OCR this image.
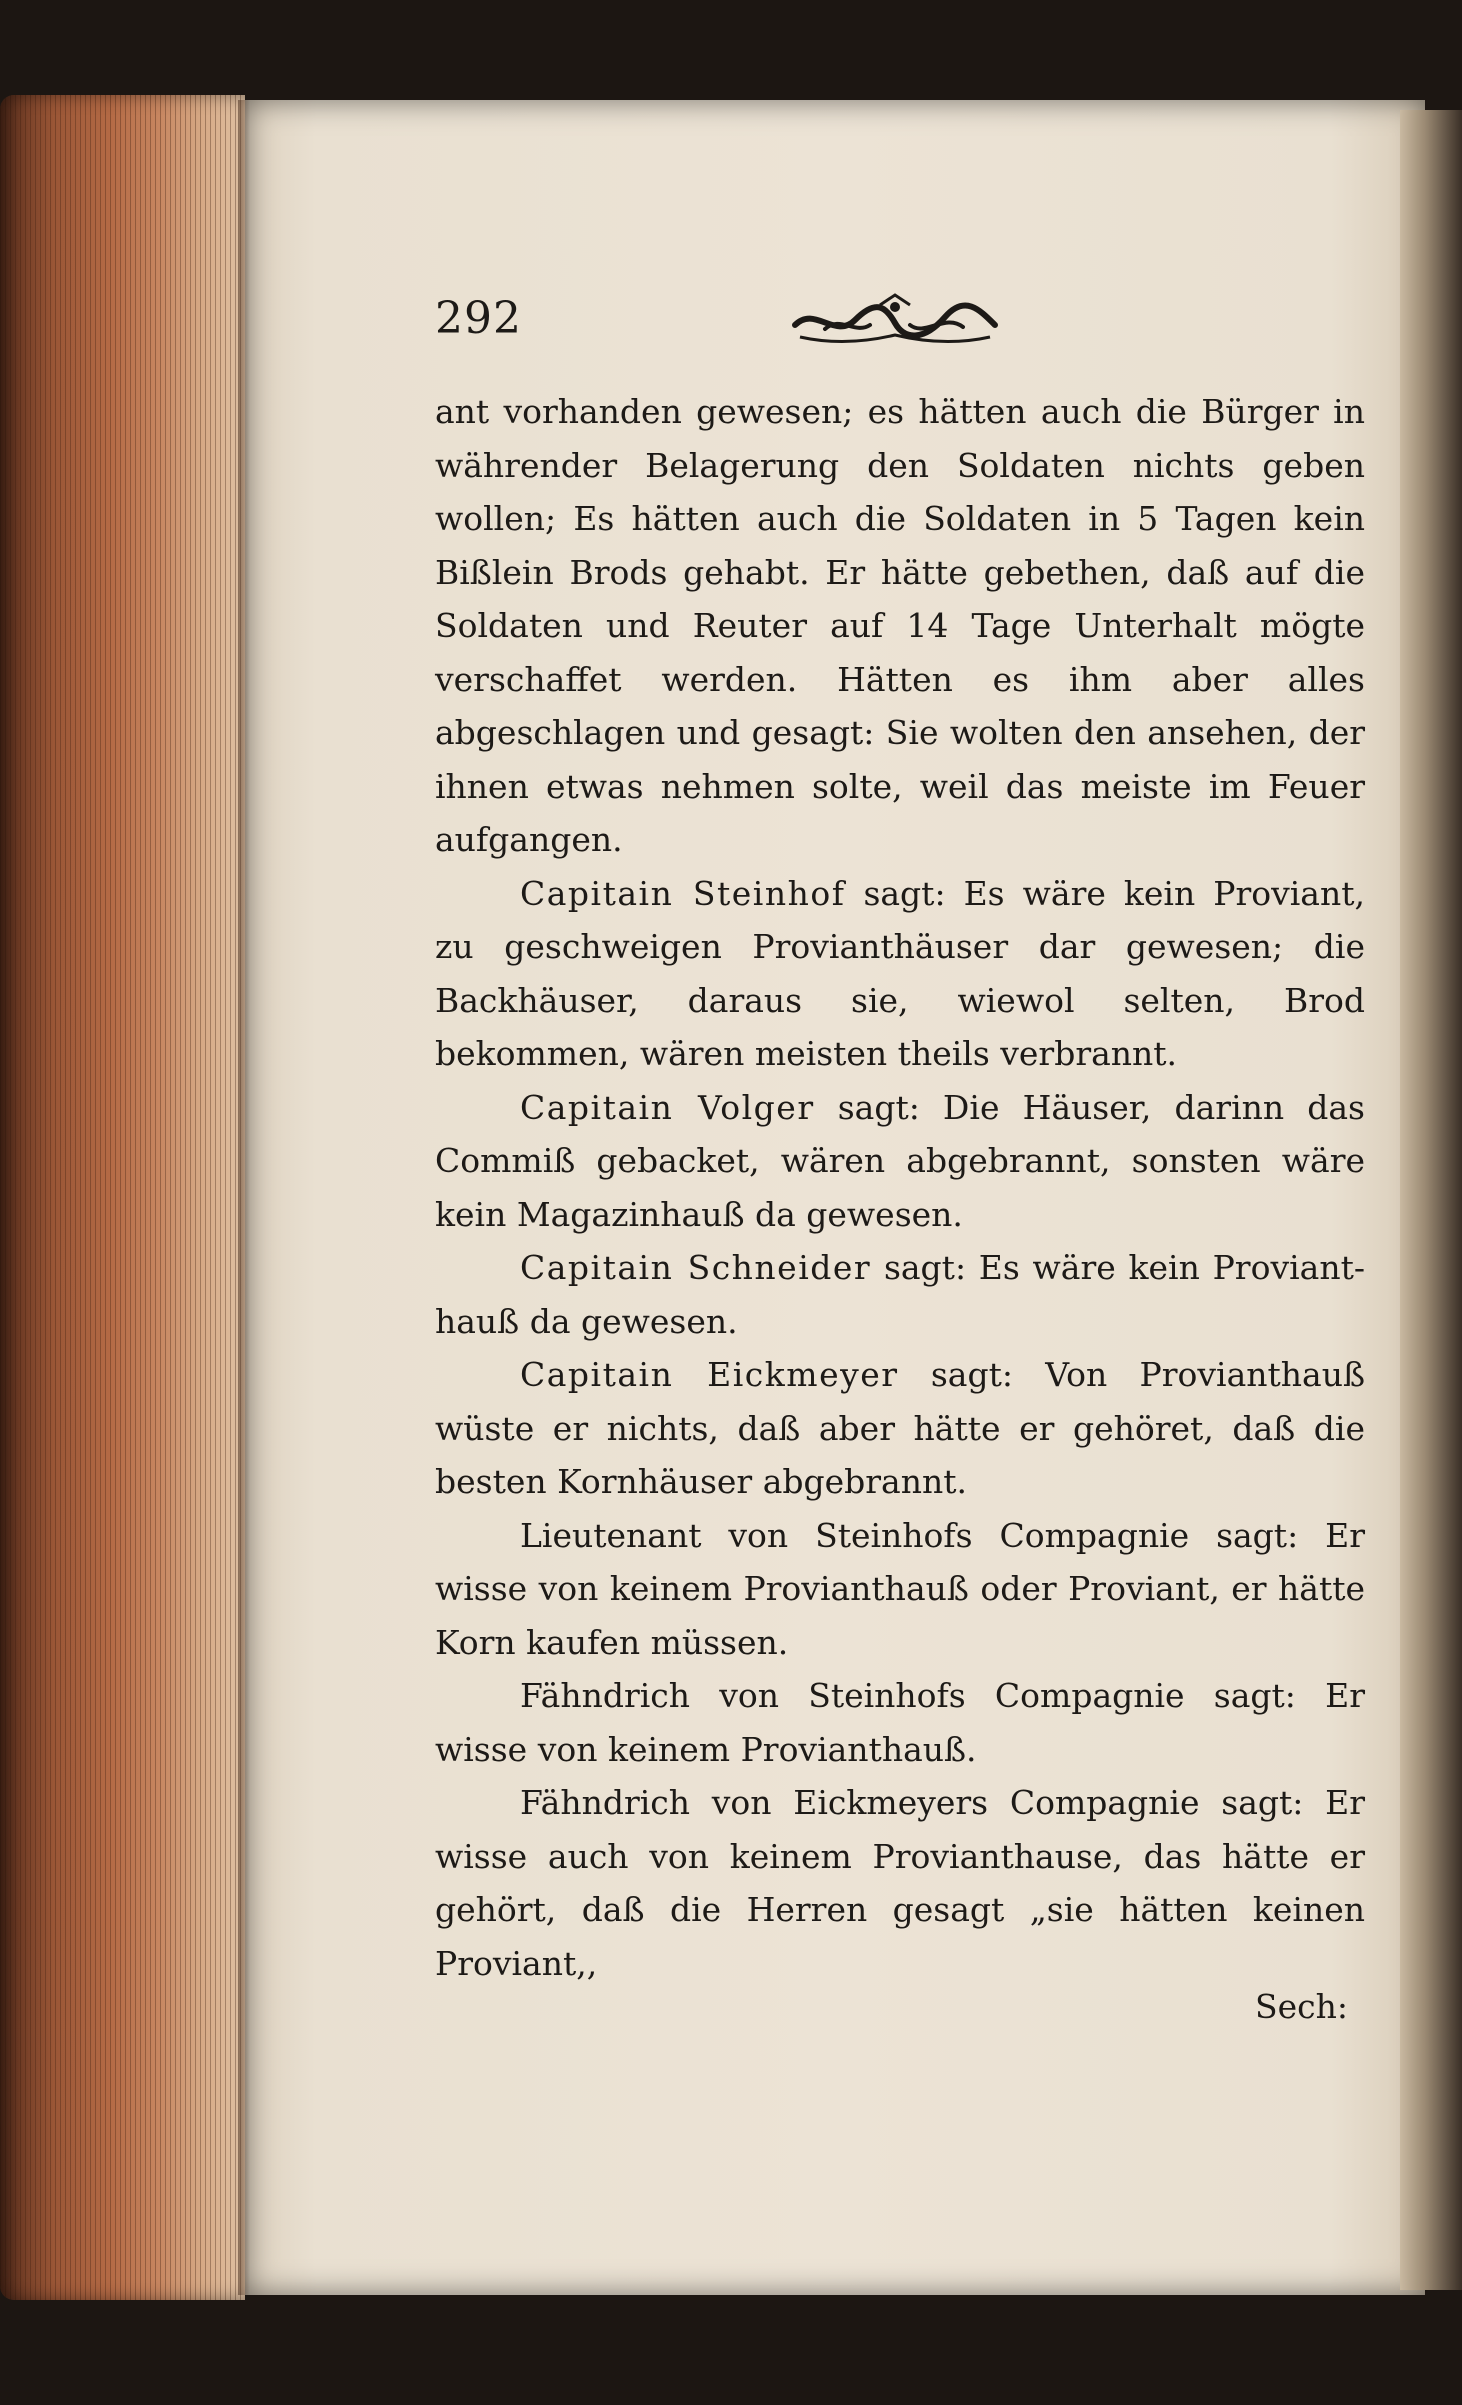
292

ant vorhanden gewesen; es hätten auch die Bürger in währender Belagerung den Soldaten nichts geben wollen; Es hätten auch die Soldaten in 5 Tagen kein Bißlein Brods gehabt. Er hätte gebethen, daß auf die Soldaten und Reuter auf 14 Tage Unterhalt mögte verschaffet werden. Hätten es ihm aber alles abgeschlagen und gesagt: Sie wolten den ansehen, der ihnen etwas nehmen solte, weil das meiste im Feuer aufgangen.

Capitain Steinhof sagt: Es wäre kein Proviant, zu geschweigen Provianthäuser dar gewesen; die Backhäuser, daraus sie, wiewol selten, Brod bekommen, wären meisten theils verbrannt.

Capitain Volger sagt: Die Häuser, darinn das Commiß gebacket, wären abgebrannt, sonsten wäre kein Magazinhauß da gewesen.

Capitain Schneider sagt: Es wäre kein Provianthauß da gewesen.

Capitain Eickmeyer sagt: Von Provianthauß wüste er nichts, daß aber hätte er gehöret, daß die besten Kornhäuser abgebrannt.

Lieutenant von Steinhofs Compagnie sagt: Er wisse von keinem Provianthauß oder Proviant, er hätte Korn kaufen müssen.

Fähndrich von Steinhofs Compagnie sagt: Er wisse von keinem Provianthauß.

Fähndrich von Eickmeyers Compagnie sagt: Er wisse auch von keinem Provianthause, das hätte er gehört, daß die Herren gesagt „sie hätten keinen Proviant,,

Sech:
